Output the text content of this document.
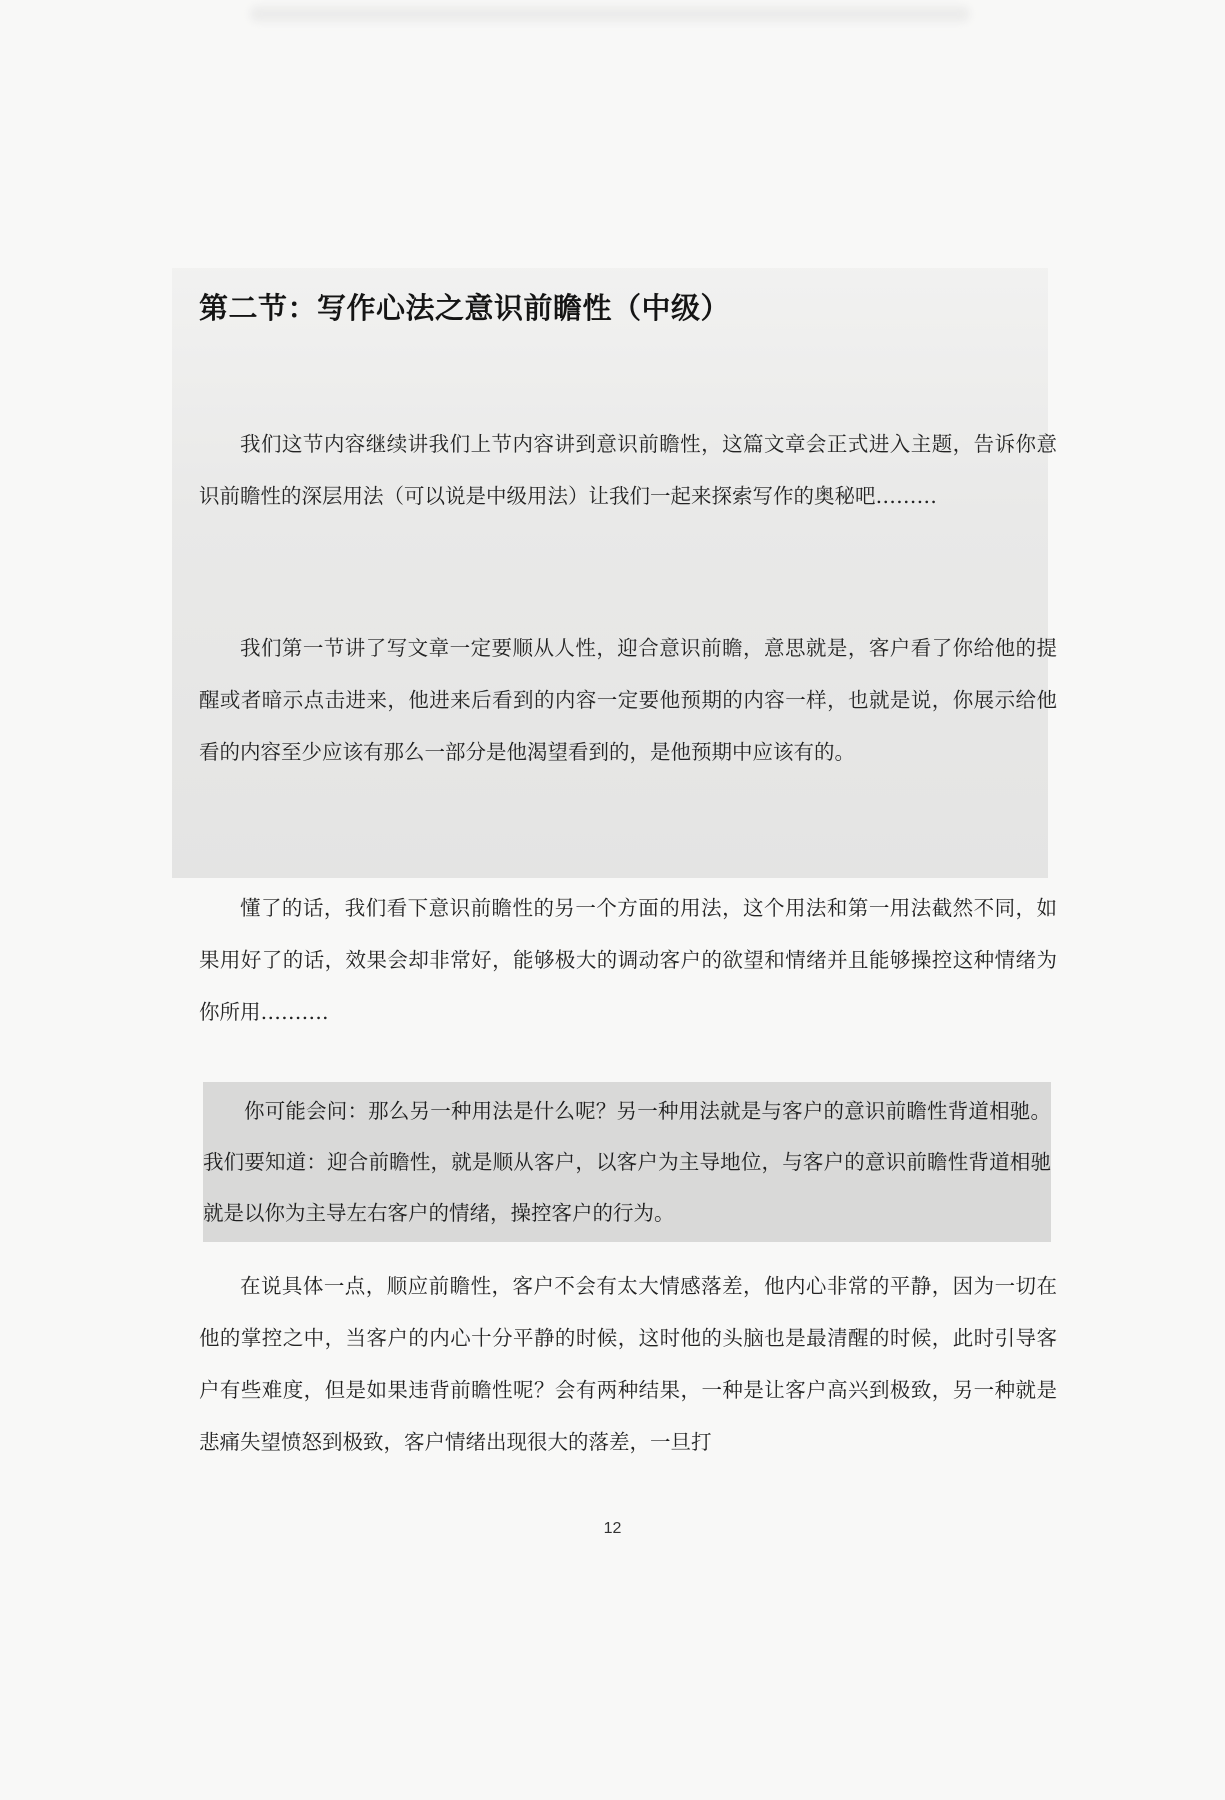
第二节：写作心法之意识前瞻性（中级）

我们这节内容继续讲我们上节内容讲到意识前瞻性，这篇文章会正式进入主题，告诉你意识前瞻性的深层用法（可以说是中级用法）让我们一起来探索写作的奥秘吧………

我们第一节讲了写文章一定要顺从人性，迎合意识前瞻，意思就是，客户看了你给他的提醒或者暗示点击进来，他进来后看到的内容一定要他预期的内容一样，也就是说，你展示给他看的内容至少应该有那么一部分是他渴望看到的，是他预期中应该有的。

懂了的话，我们看下意识前瞻性的另一个方面的用法，这个用法和第一用法截然不同，如果用好了的话，效果会却非常好，能够极大的调动客户的欲望和情绪并且能够操控这种情绪为你所用……….

你可能会问：那么另一种用法是什么呢？另一种用法就是与客户的意识前瞻性背道相驰。我们要知道：迎合前瞻性，就是顺从客户，以客户为主导地位，与客户的意识前瞻性背道相驰就是以你为主导左右客户的情绪，操控客户的行为。

在说具体一点，顺应前瞻性，客户不会有太大情感落差，他内心非常的平静，因为一切在他的掌控之中，当客户的内心十分平静的时候，这时他的头脑也是最清醒的时候，此时引导客户有些难度，但是如果违背前瞻性呢？会有两种结果，一种是让客户高兴到极致，另一种就是悲痛失望愤怒到极致，客户情绪出现很大的落差，一旦打

12
